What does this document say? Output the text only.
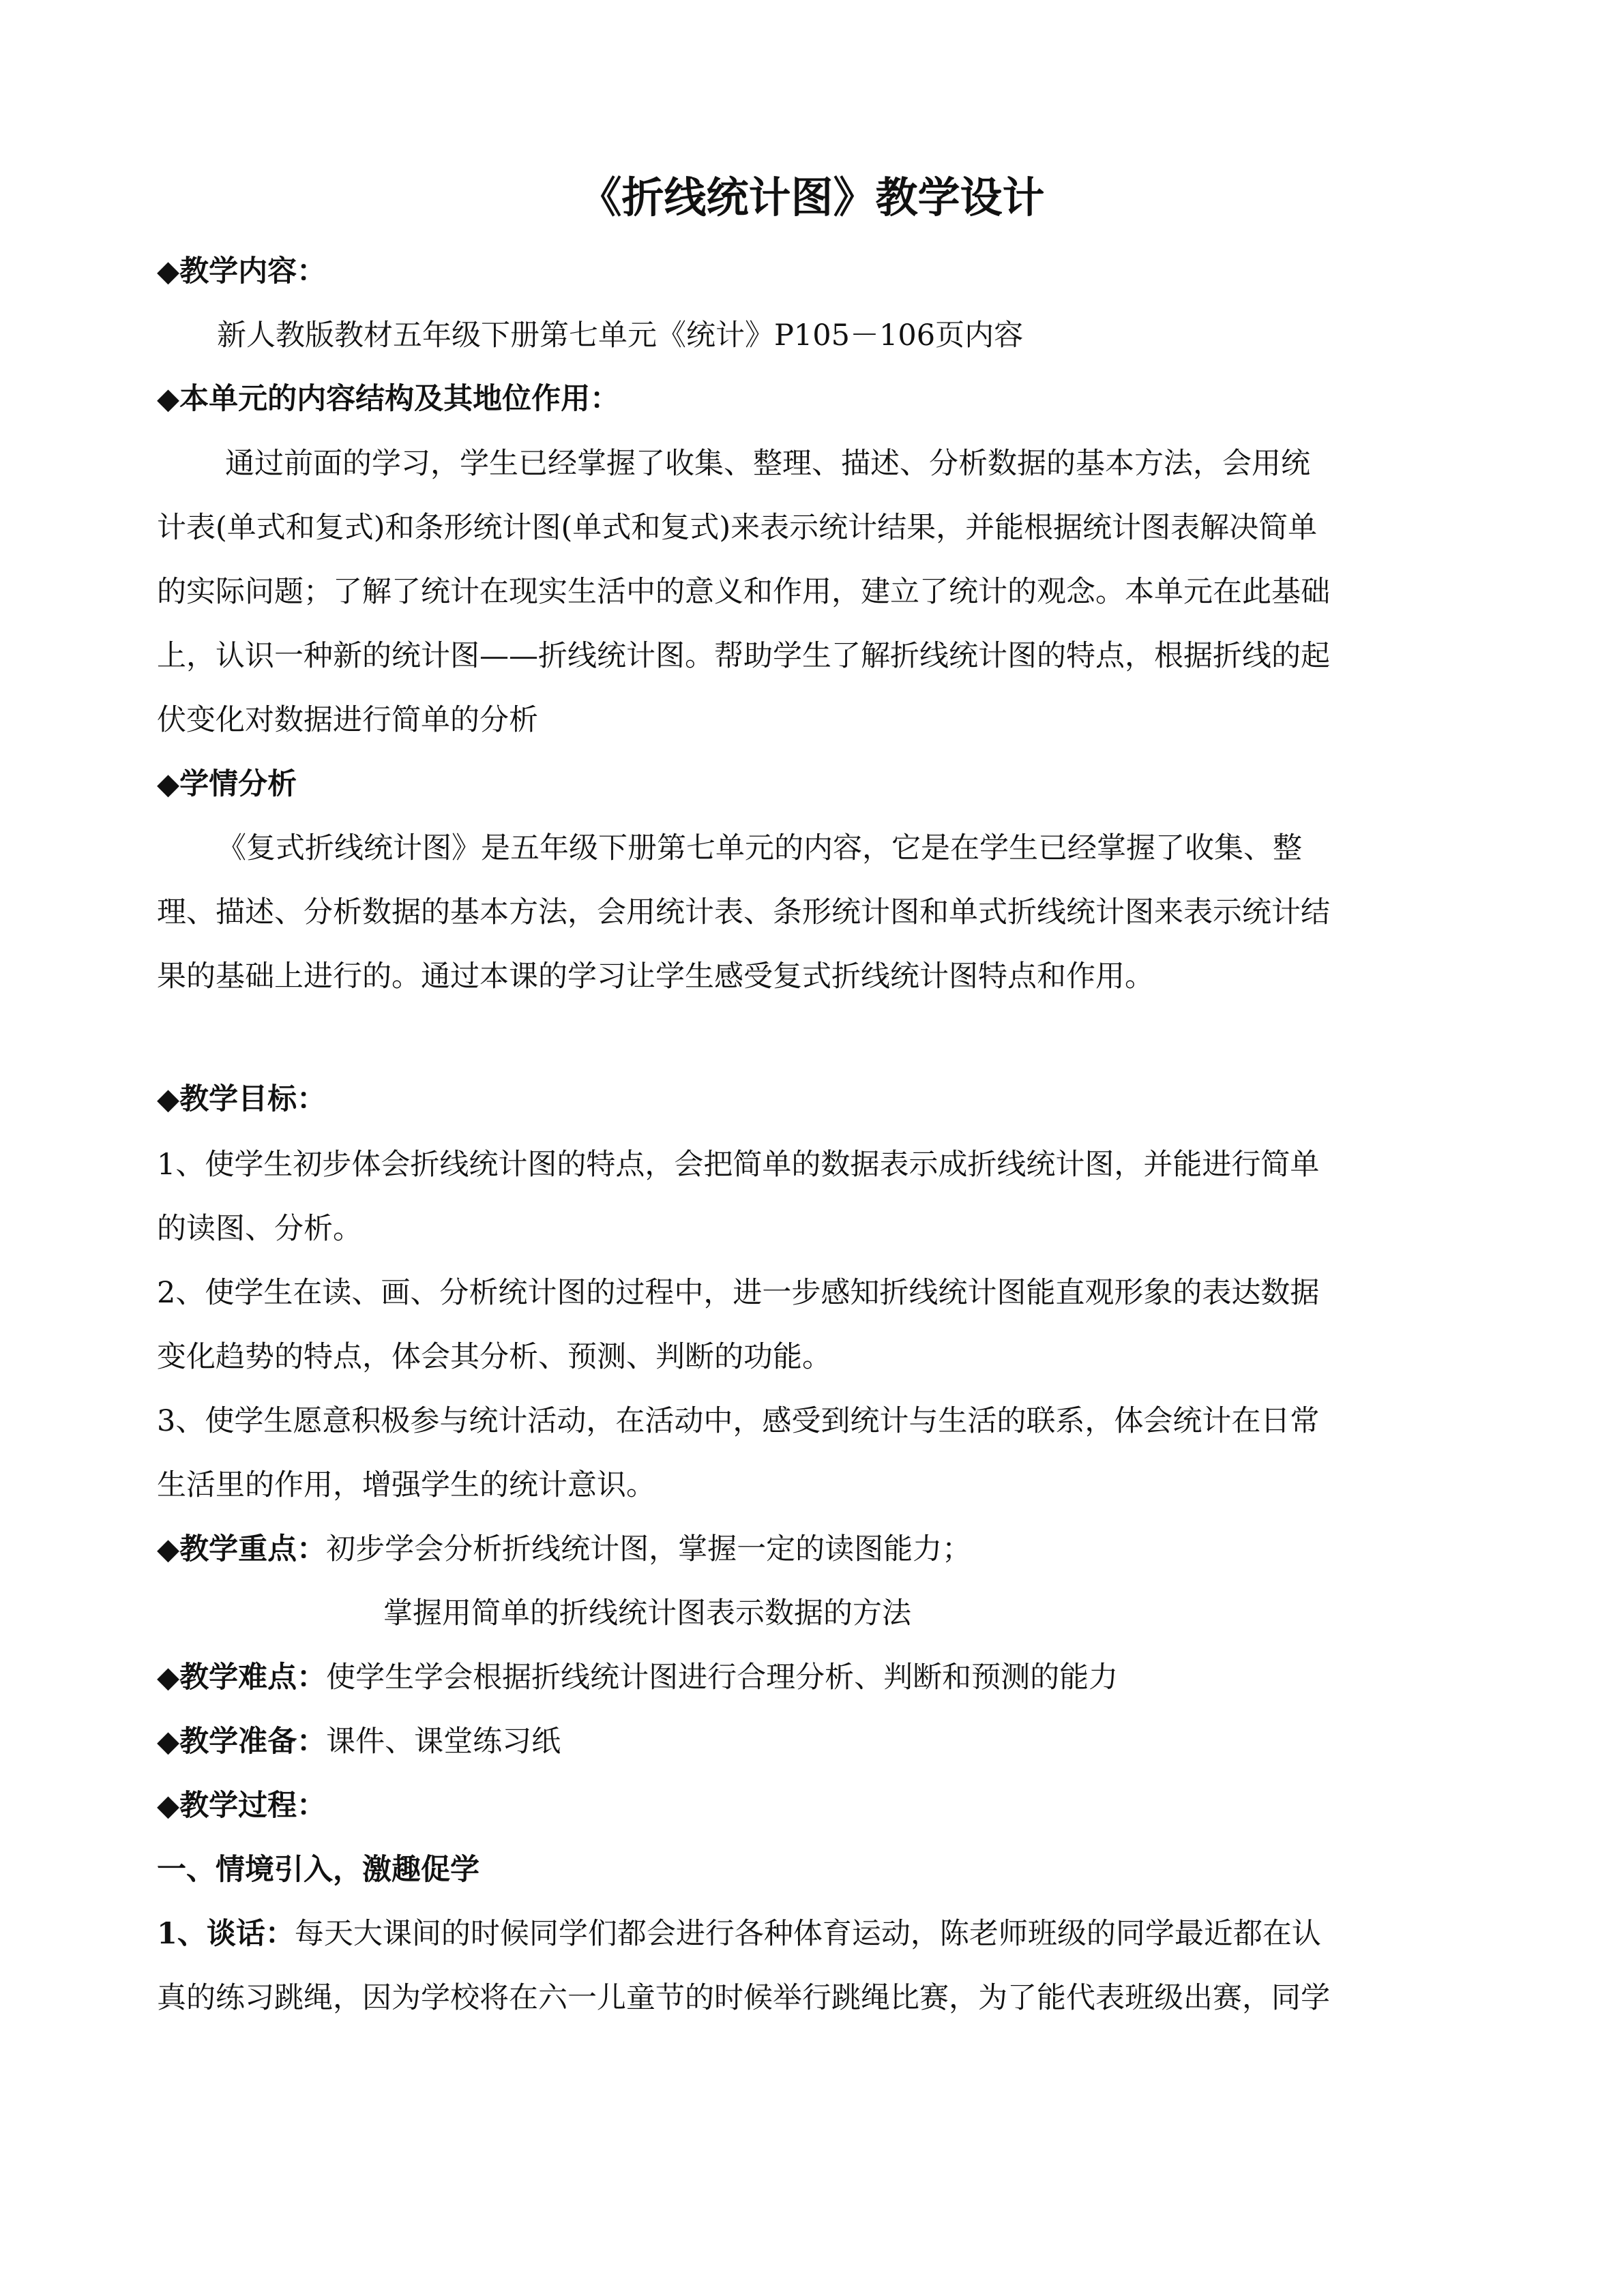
《折线统计图》教学设计
◆教学内容：
新人教版教材五年级下册第七单元《统计》P105－106页内容
◆本单元的内容结构及其地位作用：
通过前面的学习，学生已经掌握了收集、整理、描述、分析数据的基本方法，会用统
计表(单式和复式)和条形统计图(单式和复式)来表示统计结果，并能根据统计图表解决简单
的实际问题；了解了统计在现实生活中的意义和作用，建立了统计的观念。本单元在此基础
上，认识一种新的统计图——折线统计图。帮助学生了解折线统计图的特点，根据折线的起
伏变化对数据进行简单的分析
◆学情分析
《复式折线统计图》是五年级下册第七单元的内容，它是在学生已经掌握了收集、整
理、描述、分析数据的基本方法，会用统计表、条形统计图和单式折线统计图来表示统计结
果的基础上进行的。通过本课的学习让学生感受复式折线统计图特点和作用。
◆教学目标：
1、使学生初步体会折线统计图的特点，会把简单的数据表示成折线统计图，并能进行简单
的读图、分析。
2、使学生在读、画、分析统计图的过程中，进一步感知折线统计图能直观形象的表达数据
变化趋势的特点，体会其分析、预测、判断的功能。
3、使学生愿意积极参与统计活动，在活动中，感受到统计与生活的联系，体会统计在日常
生活里的作用，增强学生的统计意识。
◆教学重点：初步学会分析折线统计图，掌握一定的读图能力；
掌握用简单的折线统计图表示数据的方法
◆教学难点：使学生学会根据折线统计图进行合理分析、判断和预测的能力
◆教学准备：课件、课堂练习纸
◆教学过程：
一、情境引入，激趣促学
1、谈话：每天大课间的时候同学们都会进行各种体育运动，陈老师班级的同学最近都在认
真的练习跳绳，因为学校将在六一儿童节的时候举行跳绳比赛，为了能代表班级出赛，同学
